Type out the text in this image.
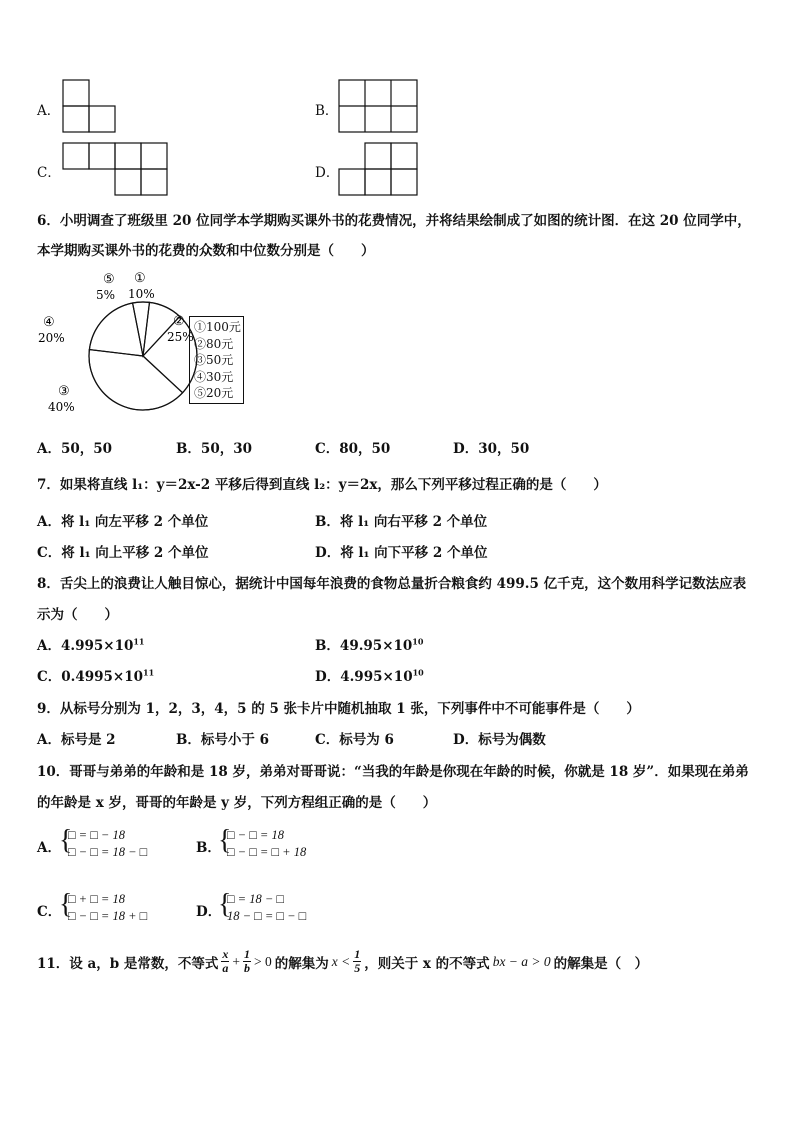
A．	B．
C．	D．
6．小明调查了班级里 20 位同学本学期购买课外书的花费情况，并将结果绘制成了如图的统计图．在这 20 位同学中，
本学期购买课外书的花费的众数和中位数分别是（　　）
①
10%
②
25%
③
40%
④
20%
⑤
5%
①100元
②80元
③50元
④30元
⑤20元
A．50，50	B．50，30	C．80，50	D．30，50
7．如果将直线 l₁：y＝2x-2 平移后得到直线 l₂：y＝2x，那么下列平移过程正确的是（　　）
A．将 l₁ 向左平移 2 个单位	B．将 l₁ 向右平移 2 个单位
C．将 l₁ 向上平移 2 个单位	D．将 l₁ 向下平移 2 个单位
8．舌尖上的浪费让人触目惊心，据统计中国每年浪费的食物总量折合粮食约 499.5 亿千克，这个数用科学记数法应表
示为（　　）
A．$4.995\times 10^{11}$	B．$49.95\times 10^{10}$
C．$0.4995\times 10^{11}$	D．$4.995\times 10^{10}$
9．从标号分别为 1，2，3，4，5 的 5 张卡片中随机抽取 1 张，下列事件中不可能事件是（　　）
A．标号是 2	B．标号小于 6	C．标号为 6	D．标号为偶数
10．哥哥与弟弟的年龄和是 18 岁，弟弟对哥哥说：“当我的年龄是你现在年龄的时候，你就是 18 岁”．如果现在弟弟
的年龄是 x 岁，哥哥的年龄是 y 岁，下列方程组正确的是（　　）
A．
{
□ = □ − 18
□ − □ = 18 − □	B．
{
□ − □ = 18
□ − □ = □ + 18
C．
{
□ + □ = 18
□ − □ = 18 + □	D．
{
□ = 18 − □
18 − □ = □ − □
11．设 a，b 是常数，不等式 $\frac{x}{a} + \frac{1}{b} > 0$ 的解集为 $x < \frac{1}{5}$ ，则关于 x 的不等式 bx − a > 0 的解集是（　）
